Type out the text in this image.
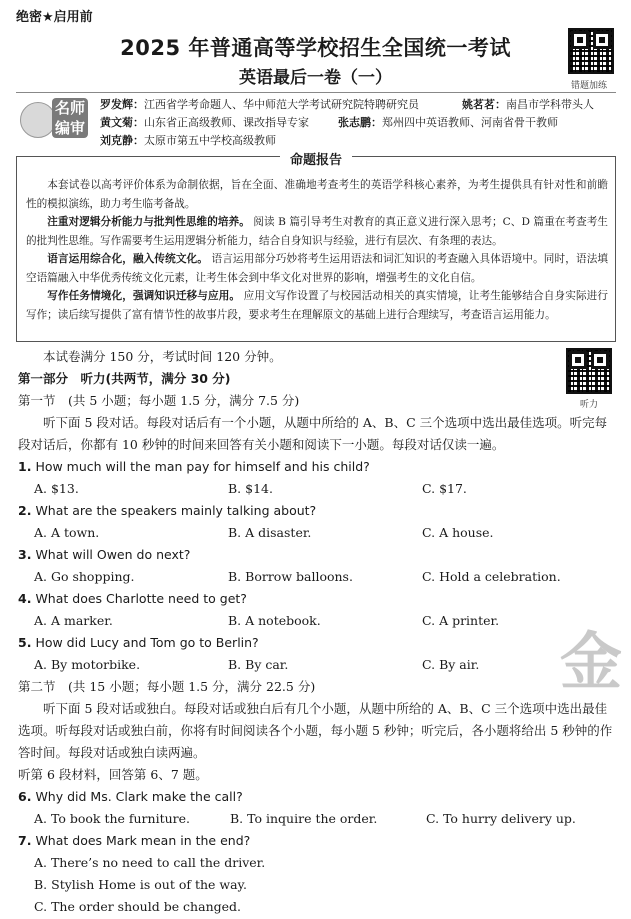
绝密★启用前
2025 年普通高等学校招生全国统一考试
英语最后一卷（一）	错题加练
名师
编审
罗发辉：江西省学考命题人、华中师范大学考试研究院特聘研究员	姚茗茗：南昌市学科带头人
黄文菊：山东省正高级教师、课改指导专家	张志鹏：郑州四中英语教师、河南省骨干教师
刘克静：太原市第五中学校高级教师
命题报告

本套试卷以高考评价体系为命制依据，旨在全面、准确地考查考生的英语学科核心素养，为考生提供具有针对性和前瞻性的模拟演练，助力考生临考备战。

注重对逻辑分析能力与批判性思维的培养。 阅读 B 篇引导考生对教育的真正意义进行深入思考；C、D 篇重在考查考生的批判性思维。写作需要考生运用逻辑分析能力，结合自身知识与经验，进行有层次、有条理的表达。

语言运用综合化，融入传统文化。 语言运用部分巧妙将考生运用语法和词汇知识的考查融入具体语境中。同时，语法填空语篇融入中华优秀传统文化元素，让考生体会到中华文化对世界的影响，增强考生的文化自信。

写作任务情境化，强调知识迁移与应用。 应用文写作设置了与校园活动相关的真实情境，让考生能够结合自身实际进行写作；读后续写提供了富有情节性的故事片段，要求考生在理解原文的基础上进行合理续写，考查语言运用能力。

听力
金

本试卷满分 150 分，考试时间 120 分钟。

第一部分　听力(共两节，满分 30 分)

第一节　(共 5 小题；每小题 1.5 分，满分 7.5 分)

听下面 5 段对话。每段对话后有一个小题，从题中所给的 A、B、C 三个选项中选出最佳选项。听完每段对话后，你都有 10 秒钟的时间来回答有关小题和阅读下一小题。每段对话仅读一遍。

1. How much will the man pay for himself and his child?

A. $13.	B. $14.	C. $17.

2. What are the speakers mainly talking about?

A. A town.	B. A disaster.	C. A house.

3. What will Owen do next?

A. Go shopping.	B. Borrow balloons.	C. Hold a celebration.

4. What does Charlotte need to get?

A. A marker.	B. A notebook.	C. A printer.

5. How did Lucy and Tom go to Berlin?

A. By motorbike.	B. By car.	C. By air.

第二节　(共 15 小题；每小题 1.5 分，满分 22.5 分)

听下面 5 段对话或独白。每段对话或独白后有几个小题，从题中所给的 A、B、C 三个选项中选出最佳选项。听每段对话或独白前，你将有时间阅读各个小题，每小题 5 秒钟；听完后，各小题将给出 5 秒钟的作答时间。每段对话或独白读两遍。

听第 6 段材料，回答第 6、7 题。

6. Why did Ms. Clark make the call?

A. To book the furniture.	B. To inquire the order.	C. To hurry delivery up.

7. What does Mark mean in the end?

A. There’s no need to call the driver.

B. Stylish Home is out of the way.

C. The order should be changed.
